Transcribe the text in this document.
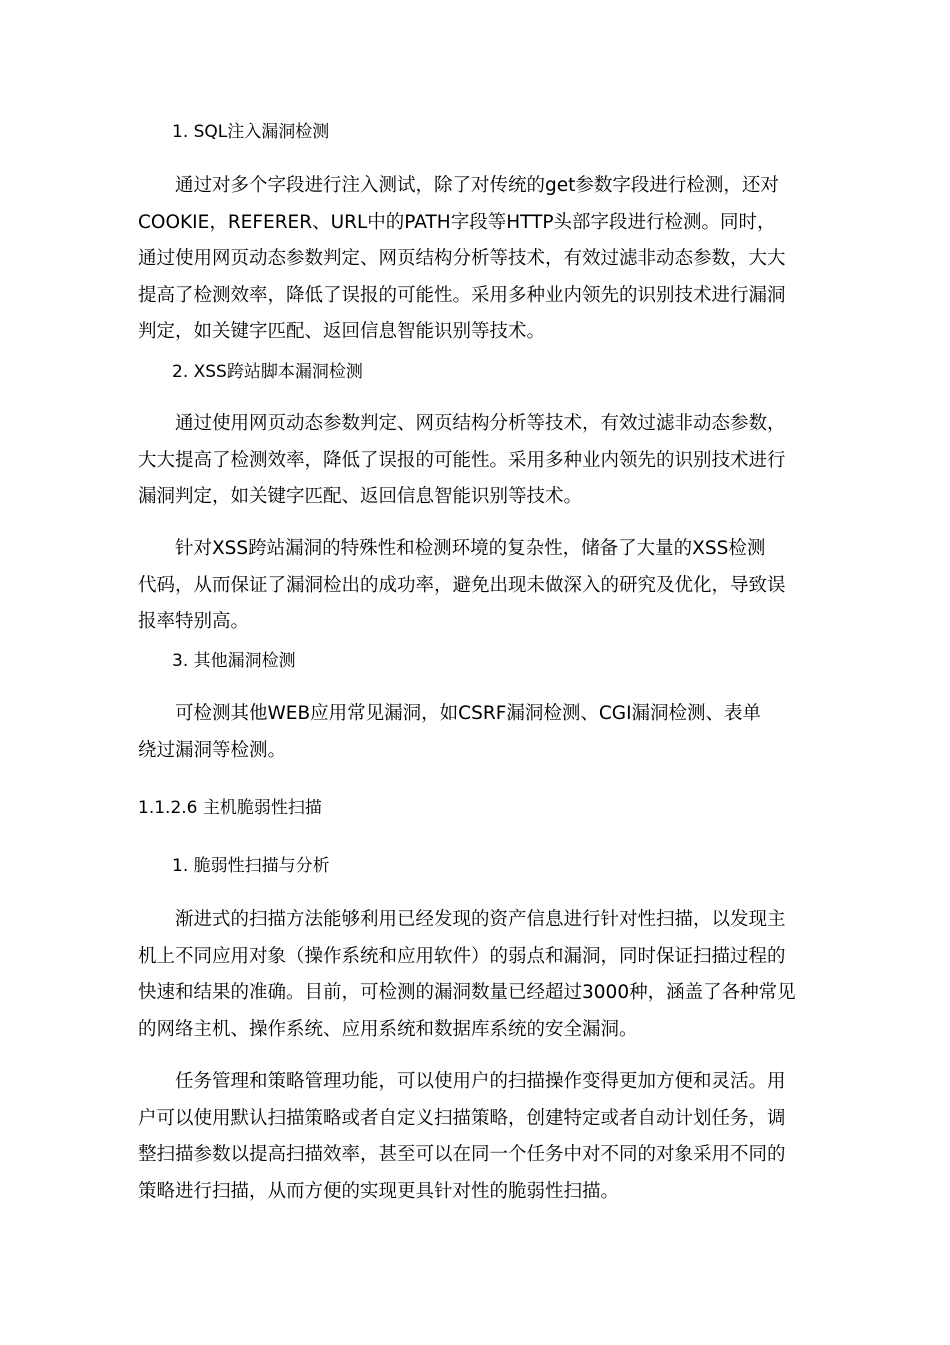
1. SQL注入漏洞检测
　　通过对多个字段进行注入测试，除了对传统的get参数字段进行检测，还对
COOKIE，REFERER、URL中的PATH字段等HTTP头部字段进行检测。同时，
通过使用网页动态参数判定、网页结构分析等技术，有效过滤非动态参数，大大
提高了检测效率，降低了误报的可能性。采用多种业内领先的识别技术进行漏洞
判定，如关键字匹配、返回信息智能识别等技术。
2. XSS跨站脚本漏洞检测
　　通过使用网页动态参数判定、网页结构分析等技术，有效过滤非动态参数，
大大提高了检测效率，降低了误报的可能性。采用多种业内领先的识别技术进行
漏洞判定，如关键字匹配、返回信息智能识别等技术。
　　针对XSS跨站漏洞的特殊性和检测环境的复杂性，储备了大量的XSS检测
代码，从而保证了漏洞检出的成功率，避免出现未做深入的研究及优化，导致误
报率特别高。
3. 其他漏洞检测
　　可检测其他WEB应用常见漏洞，如CSRF漏洞检测、CGI漏洞检测、表单
绕过漏洞等检测。
1.1.2.6 主机脆弱性扫描
1. 脆弱性扫描与分析
　　渐进式的扫描方法能够利用已经发现的资产信息进行针对性扫描，以发现主
机上不同应用对象（操作系统和应用软件）的弱点和漏洞，同时保证扫描过程的
快速和结果的准确。目前，可检测的漏洞数量已经超过3000种，涵盖了各种常见
的网络主机、操作系统、应用系统和数据库系统的安全漏洞。
　　任务管理和策略管理功能，可以使用户的扫描操作变得更加方便和灵活。用
户可以使用默认扫描策略或者自定义扫描策略，创建特定或者自动计划任务，调
整扫描参数以提高扫描效率，甚至可以在同一个任务中对不同的对象采用不同的
策略进行扫描，从而方便的实现更具针对性的脆弱性扫描。
